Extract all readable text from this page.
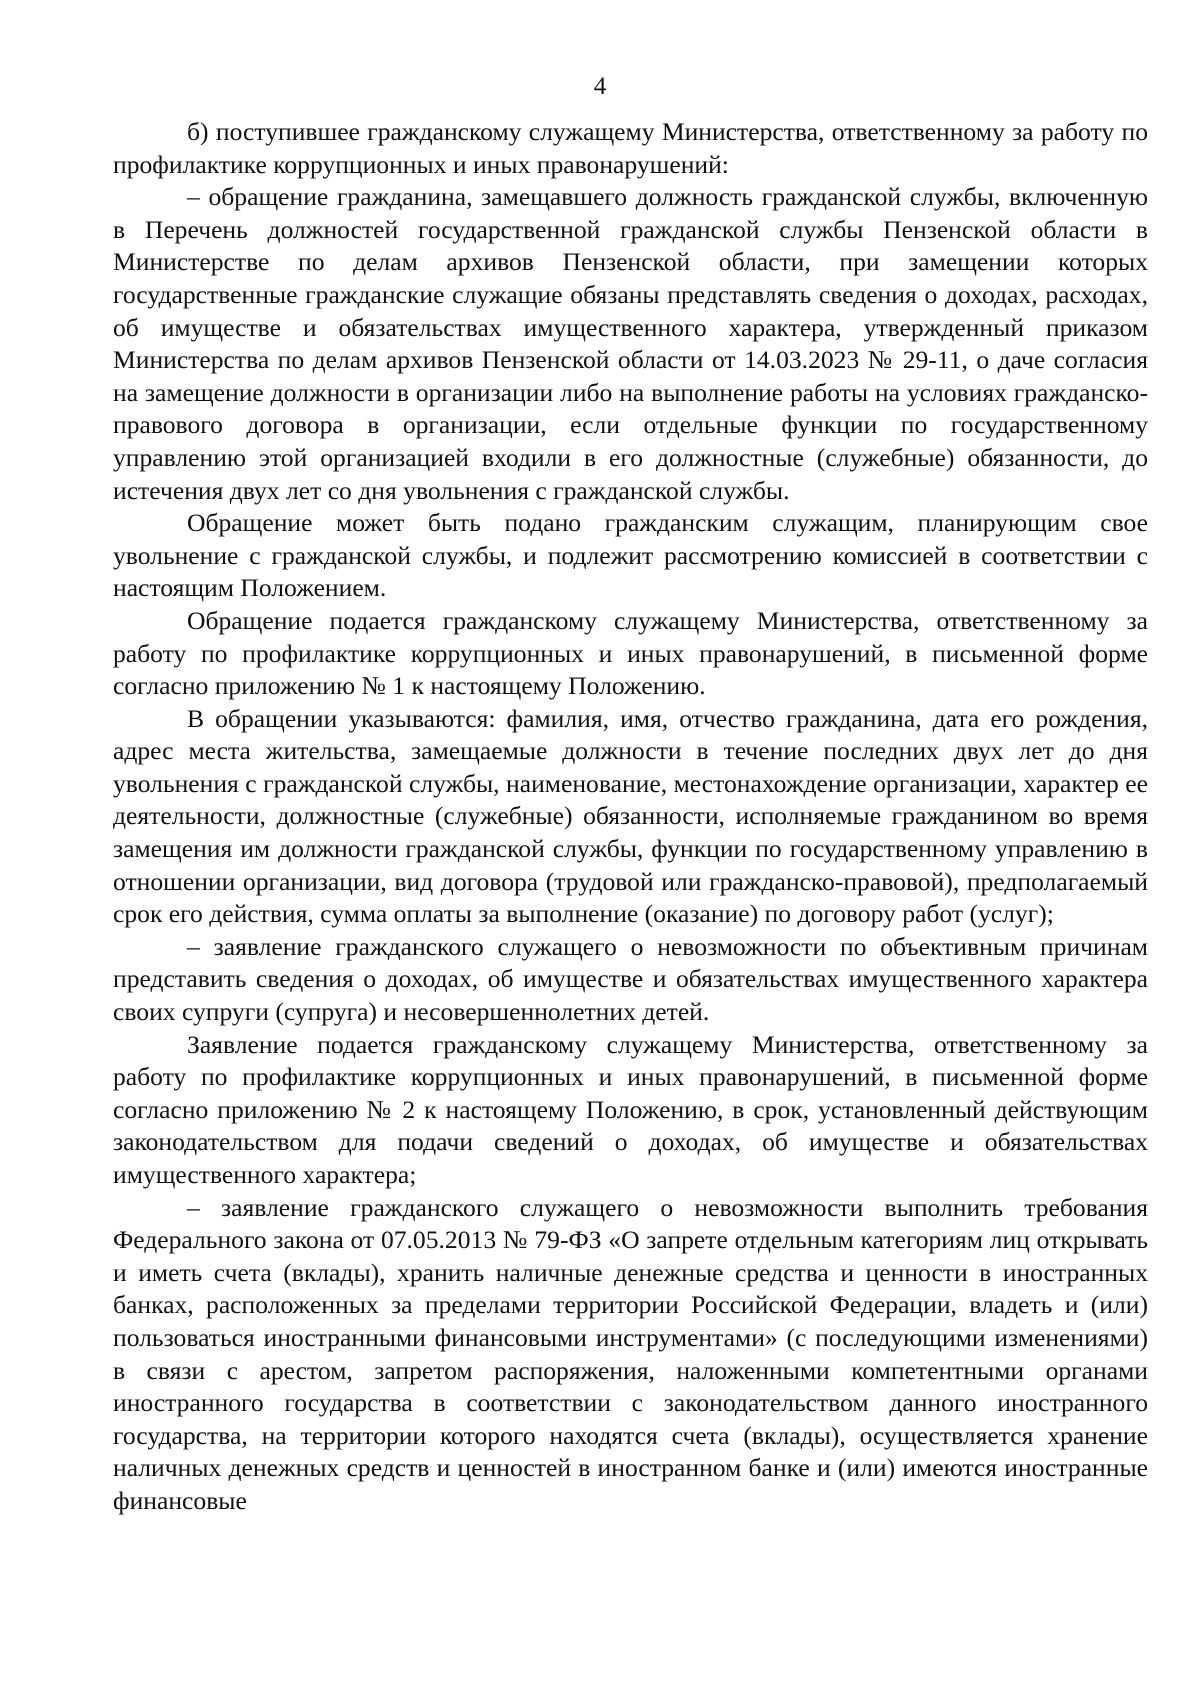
4

б) поступившее гражданскому служащему Министерства, ответственному за работу по профилактике коррупционных и иных правонарушений:

– обращение гражданина, замещавшего должность гражданской службы, включенную в Перечень должностей государственной гражданской службы Пензенской области в Министерстве по делам архивов Пензенской области, при замещении которых государственные гражданские служащие обязаны представлять сведения о доходах, расходах, об имуществе и обязательствах имущественного характера, утвержденный приказом Министерства по делам архивов Пензенской области от 14.03.2023 № 29-11, о даче согласия на замещение должности в организации либо на выполнение работы на условиях гражданско-правового договора в организации, если отдельные функции по государственному управлению этой организацией входили в его должностные (служебные) обязанности, до истечения двух лет со дня увольнения с гражданской службы.

Обращение может быть подано гражданским служащим, планирующим свое увольнение с гражданской службы, и подлежит рассмотрению комиссией в соответствии с настоящим Положением.

Обращение подается гражданскому служащему Министерства, ответственному за работу по профилактике коррупционных и иных правонарушений, в письменной форме согласно приложению № 1 к настоящему Положению.

В обращении указываются: фамилия, имя, отчество гражданина, дата его рождения, адрес места жительства, замещаемые должности в течение последних двух лет до дня увольнения с гражданской службы, наименование, местонахождение организации, характер ее деятельности, должностные (служебные) обязанности, исполняемые гражданином во время замещения им должности гражданской службы, функции по государственному управлению в отношении организации, вид договора (трудовой или гражданско-правовой), предполагаемый срок его действия, сумма оплаты за выполнение (оказание) по договору работ (услуг);

– заявление гражданского служащего о невозможности по объективным причинам представить сведения о доходах, об имуществе и обязательствах имущественного характера своих супруги (супруга) и несовершеннолетних детей.

Заявление подается гражданскому служащему Министерства, ответственному за работу по профилактике коррупционных и иных правонарушений, в письменной форме согласно приложению № 2 к настоящему Положению, в срок, установленный действующим законодательством для подачи сведений о доходах, об имуществе и обязательствах имущественного характера;

– заявление гражданского служащего о невозможности выполнить требования Федерального закона от 07.05.2013 № 79-ФЗ «О запрете отдельным категориям лиц открывать и иметь счета (вклады), хранить наличные денежные средства и ценности в иностранных банках, расположенных за пределами территории Российской Федерации, владеть и (или) пользоваться иностранными финансовыми инструментами» (с последующими изменениями) в связи с арестом, запретом распоряжения, наложенными компетентными органами иностранного государства в соответствии с законодательством данного иностранного государства, на территории которого находятся счета (вклады), осуществляется хранение наличных денежных средств и ценностей в иностранном банке и (или) имеются иностранные финансовые
